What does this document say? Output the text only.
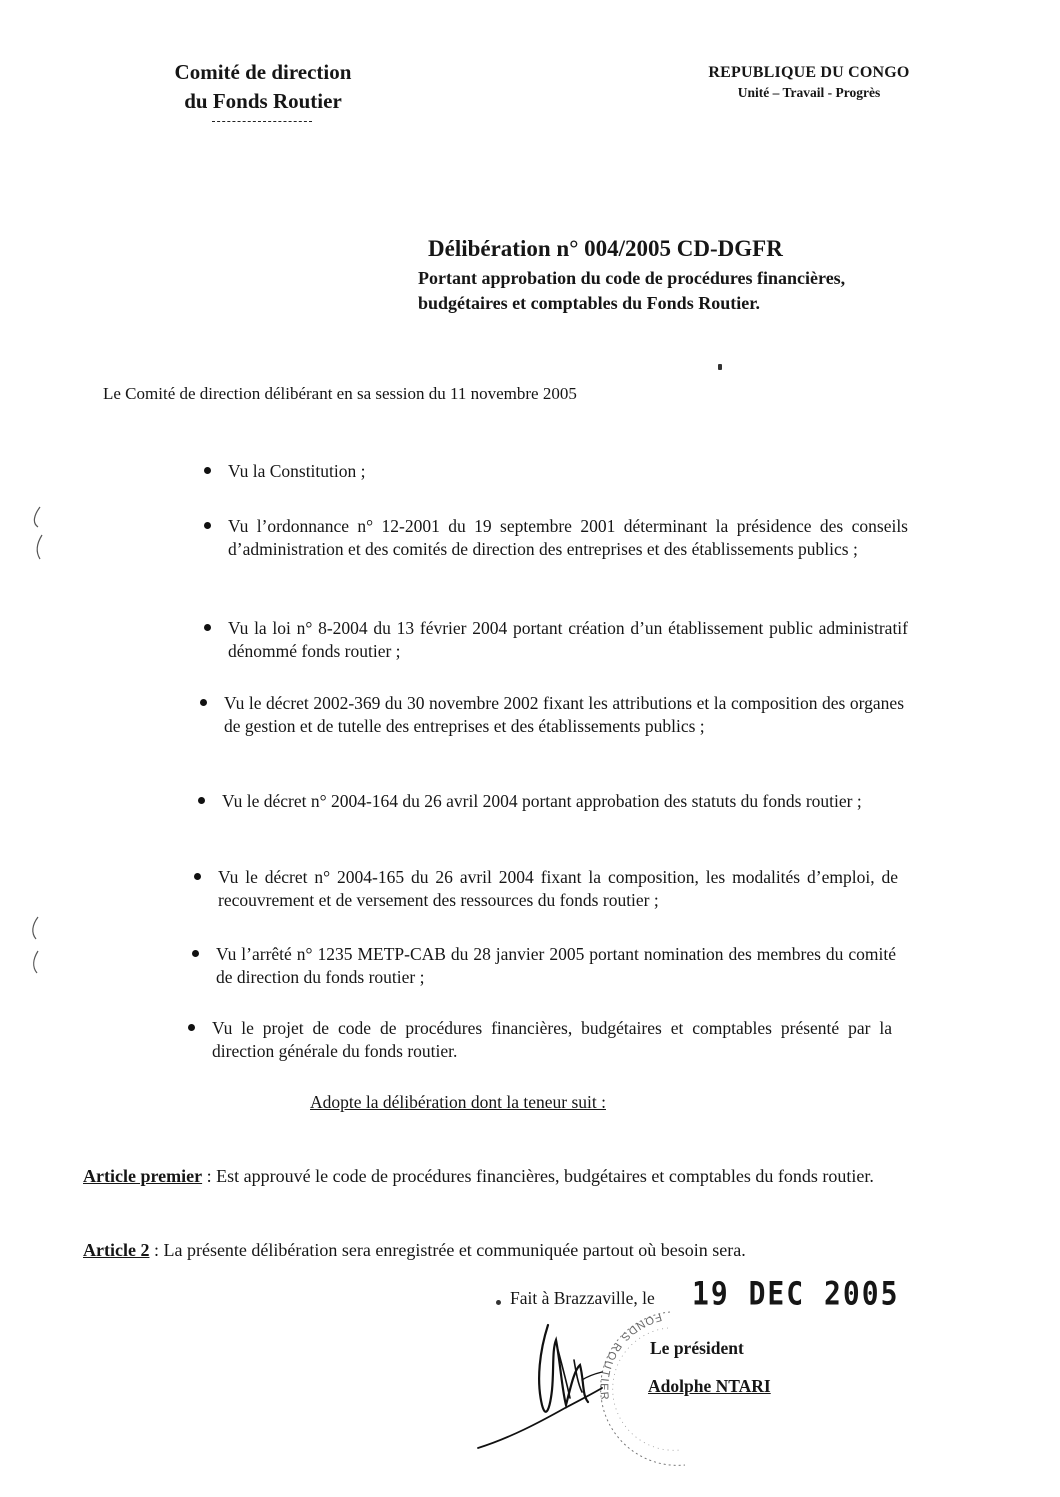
Comité de direction
du Fonds Routier
REPUBLIQUE DU CONGO
Unité – Travail - Progrès
Délibération n° 004/2005 CD-DGFR
Portant approbation du code de procédures financières, budgétaires et comptables du Fonds Routier.
Le Comité de direction délibérant en sa session du 11 novembre 2005
Vu la Constitution ;
Vu l’ordonnance n° 12-2001 du 19 septembre 2001 déterminant la présidence des conseils d’administration et des comités de direction des entreprises et des établissements publics ;
Vu la loi n° 8-2004 du 13 février 2004 portant création d’un établissement public administratif dénommé fonds routier ;
Vu le décret 2002-369 du 30 novembre 2002 fixant les attributions et la composition des organes de gestion et de tutelle des entreprises et des établissements publics ;
Vu le décret n° 2004-164 du 26 avril 2004 portant approbation des statuts du fonds routier ;
Vu le décret n° 2004-165 du 26 avril 2004 fixant la composition, les modalités d’emploi, de recouvrement et de versement des ressources du fonds routier ;
Vu l’arrêté n° 1235 METP-CAB du 28 janvier 2005 portant nomination des membres du comité de direction du fonds routier ;
Vu le projet de code de procédures financières, budgétaires et comptables présenté par la direction générale du fonds routier.
Adopte la délibération dont la teneur suit :
Article premier : Est approuvé le code de procédures financières, budgétaires et comptables du fonds routier.
Article 2 : La présente délibération sera enregistrée et communiquée partout où besoin sera.
Fait à Brazzaville, le 19 DEC 2005
FONDS ROUTIER
Le président
Adolphe NTARI
